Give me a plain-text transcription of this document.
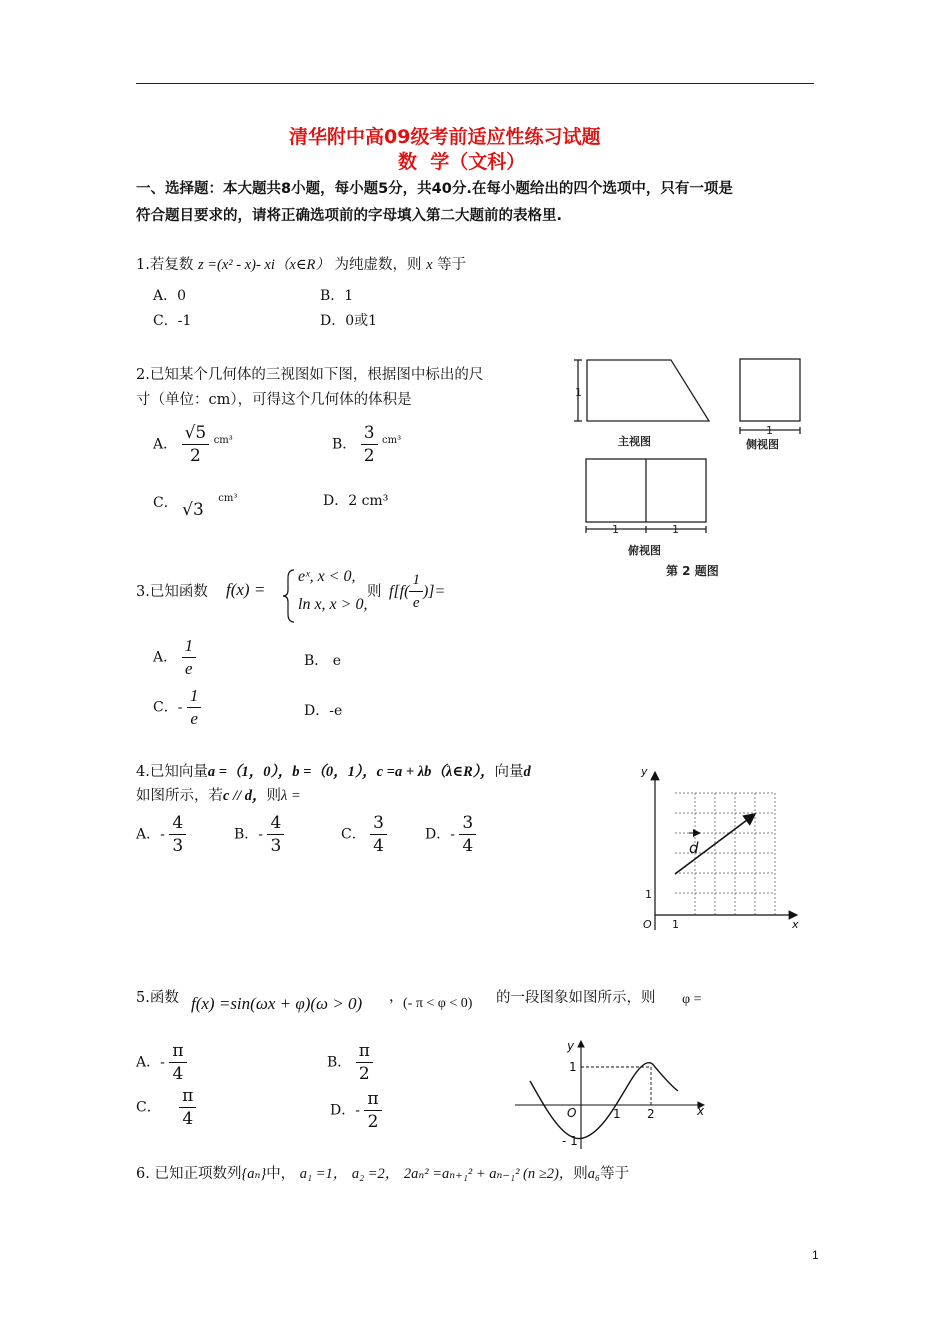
清华附中高09级考前适应性练习试题
数  学（文科）
一、选择题：本大题共8小题，每小题5分，共40分.在每小题给出的四个选项中，只有一项是
符合题目要求的，请将正确选项前的字母填入第二大题前的表格里.
1.若复数 z =(x² - x)- xi（x∈R） 为纯虚数，则 x 等于
A．0	B．1
C．-1	D．0或1
2.已知某个几何体的三视图如下图，根据图中标出的尺
寸（单位：cm），可得这个几何体的体积是
A． $\frac{√5}{2} ^{cm^3}$	B． $\frac{3}{2} ^{cm^3}$
C． √3 $^{cm^3}$	D．2 cm³
1
1
1	1
主视图	侧视图
俯视图
第 2 题图
3.已知函数 f(x) =
eˣ, x < 0,
ln x, x > 0,
则 $f[f( \frac{1}{e}$ )]=
A． $\frac{1}{e}$	B． e
C．- $\frac{1}{e}$	D．-e
4.已知向量a =（1，0），b =（0，1），c =a + λb（λ∈R），向量d
如图所示，若c // d，则λ =
A．- $\frac{4}{3}$	B．- $\frac{4}{3}$	C． $\frac{3}{4}$	D．- $\frac{3}{4}$
y
x
O 1
1
d
5.函数 f(x) =sin(ωx + φ)(ω > 0) ， (- π < φ < 0) 的一段图象如图所示，则 φ =
A．- $\frac{\pi}{4}$	B． $\frac{\pi}{2}$
C． $\frac{\pi}{4}$	D．- $\frac{\pi}{2}$
y
x
O	1 2
1
- 1
6. 已知正项数列{aₙ}中， a₁ =1， a₂ =2， 2aₙ² =aₙ₊₁² + aₙ₋₁² (n ≥2)，则a₆等于
1
